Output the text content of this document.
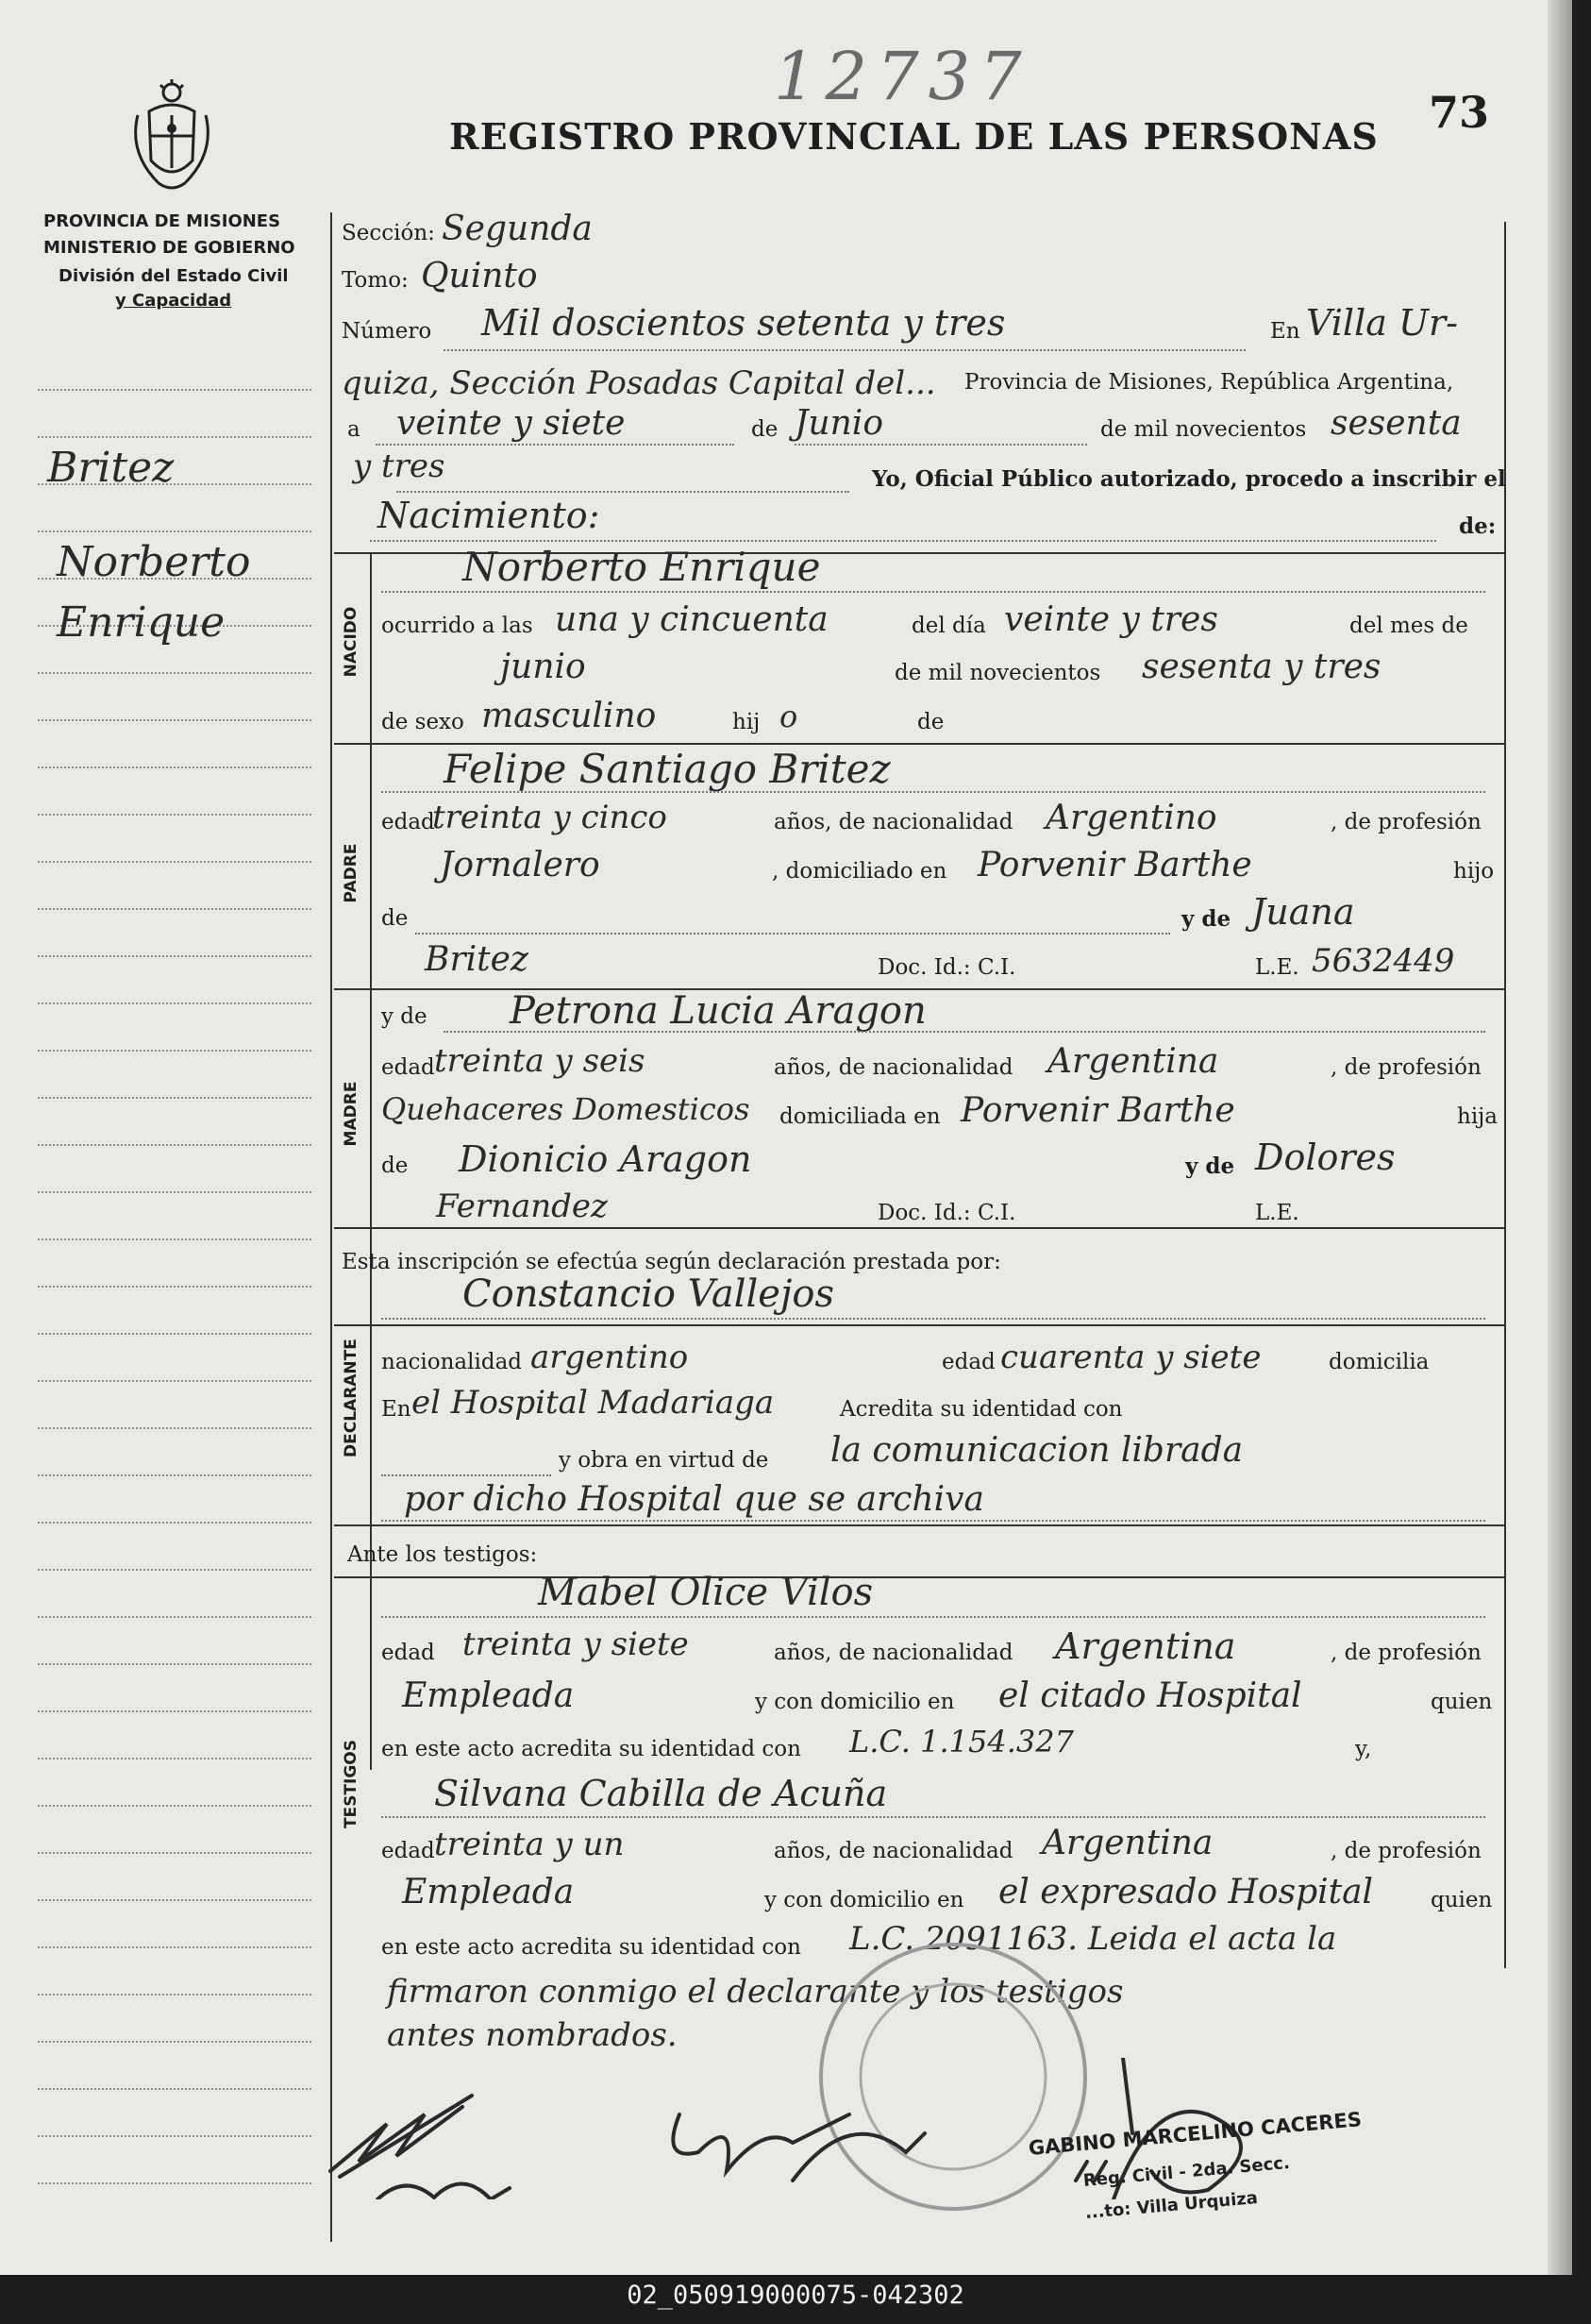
PROVINCIA DE MISIONES
MINISTERIO DE GOBIERNO
División del Estado Civil
y Capacidad
12737
REGISTRO PROVINCIAL DE LAS PERSONAS 73
Britez
Norberto
Enrique	NACIDO
PADRE
MADRE
DECLARANTE
TESTIGOS
Sección: Segunda
Tomo: Quinto
Número Mil doscientos setenta y tres	En Villa Ur-
quiza, Sección Posadas Capital del... Provincia de Misiones, República Argentina,
a veinte y siete	de Junio	de mil novecientos sesenta
y tres	Yo, Oficial Público autorizado, procedo a inscribir el
Nacimiento:	de:
Norberto Enrique
ocurrido a las una y cincuenta	del día veinte y tres	del mes de
junio	de mil novecientos sesenta y tres
de sexo masculino	hij o	de
Felipe Santiago Britez
edad
treinta y cinco	años, de nacionalidad Argentino	, de profesión
Jornalero	, domiciliado en Porvenir Barthe	hijo
de	y de Juana
Britez	Doc. Id.: C.I.	L.E. 5632449
y de Petrona Lucia Aragon
edad treinta y seis	años, de nacionalidad Argentina	, de profesión
Quehaceres Domesticos domiciliada en Porvenir Barthe	hija
de Dionicio Aragon	y de Dolores
Fernandez	Doc. Id.: C.I.	L.E.
Esta inscripción se efectúa según declaración prestada por:
Constancio Vallejos
nacionalidad argentino	edad cuarenta y siete	domicilia
En el Hospital Madariaga	Acredita su identidad con
y obra en virtud de la comunicacion librada
por dicho Hospital que se archiva
Ante los testigos:
Mabel Olice Vilos
edad treinta y siete	años, de nacionalidad Argentina	, de profesión
Empleada	y con domicilio en el citado Hospital	quien
en este acto acredita su identidad con L.C. 1.154.327	y,
Silvana Cabilla de Acuña
edad treinta y un	años, de nacionalidad Argentina	, de profesión
Empleada	y con domicilio en el expresado Hospital	quien
en este acto acredita su identidad con L.C. 2091163. Leida el acta la
firmaron conmigo el declarante y los testigos
antes nombrados.
GABINO MARCELINO CACERES
Reg. Civil - 2da. Secc.
...to: Villa Urquiza
02_050919000075-042302
